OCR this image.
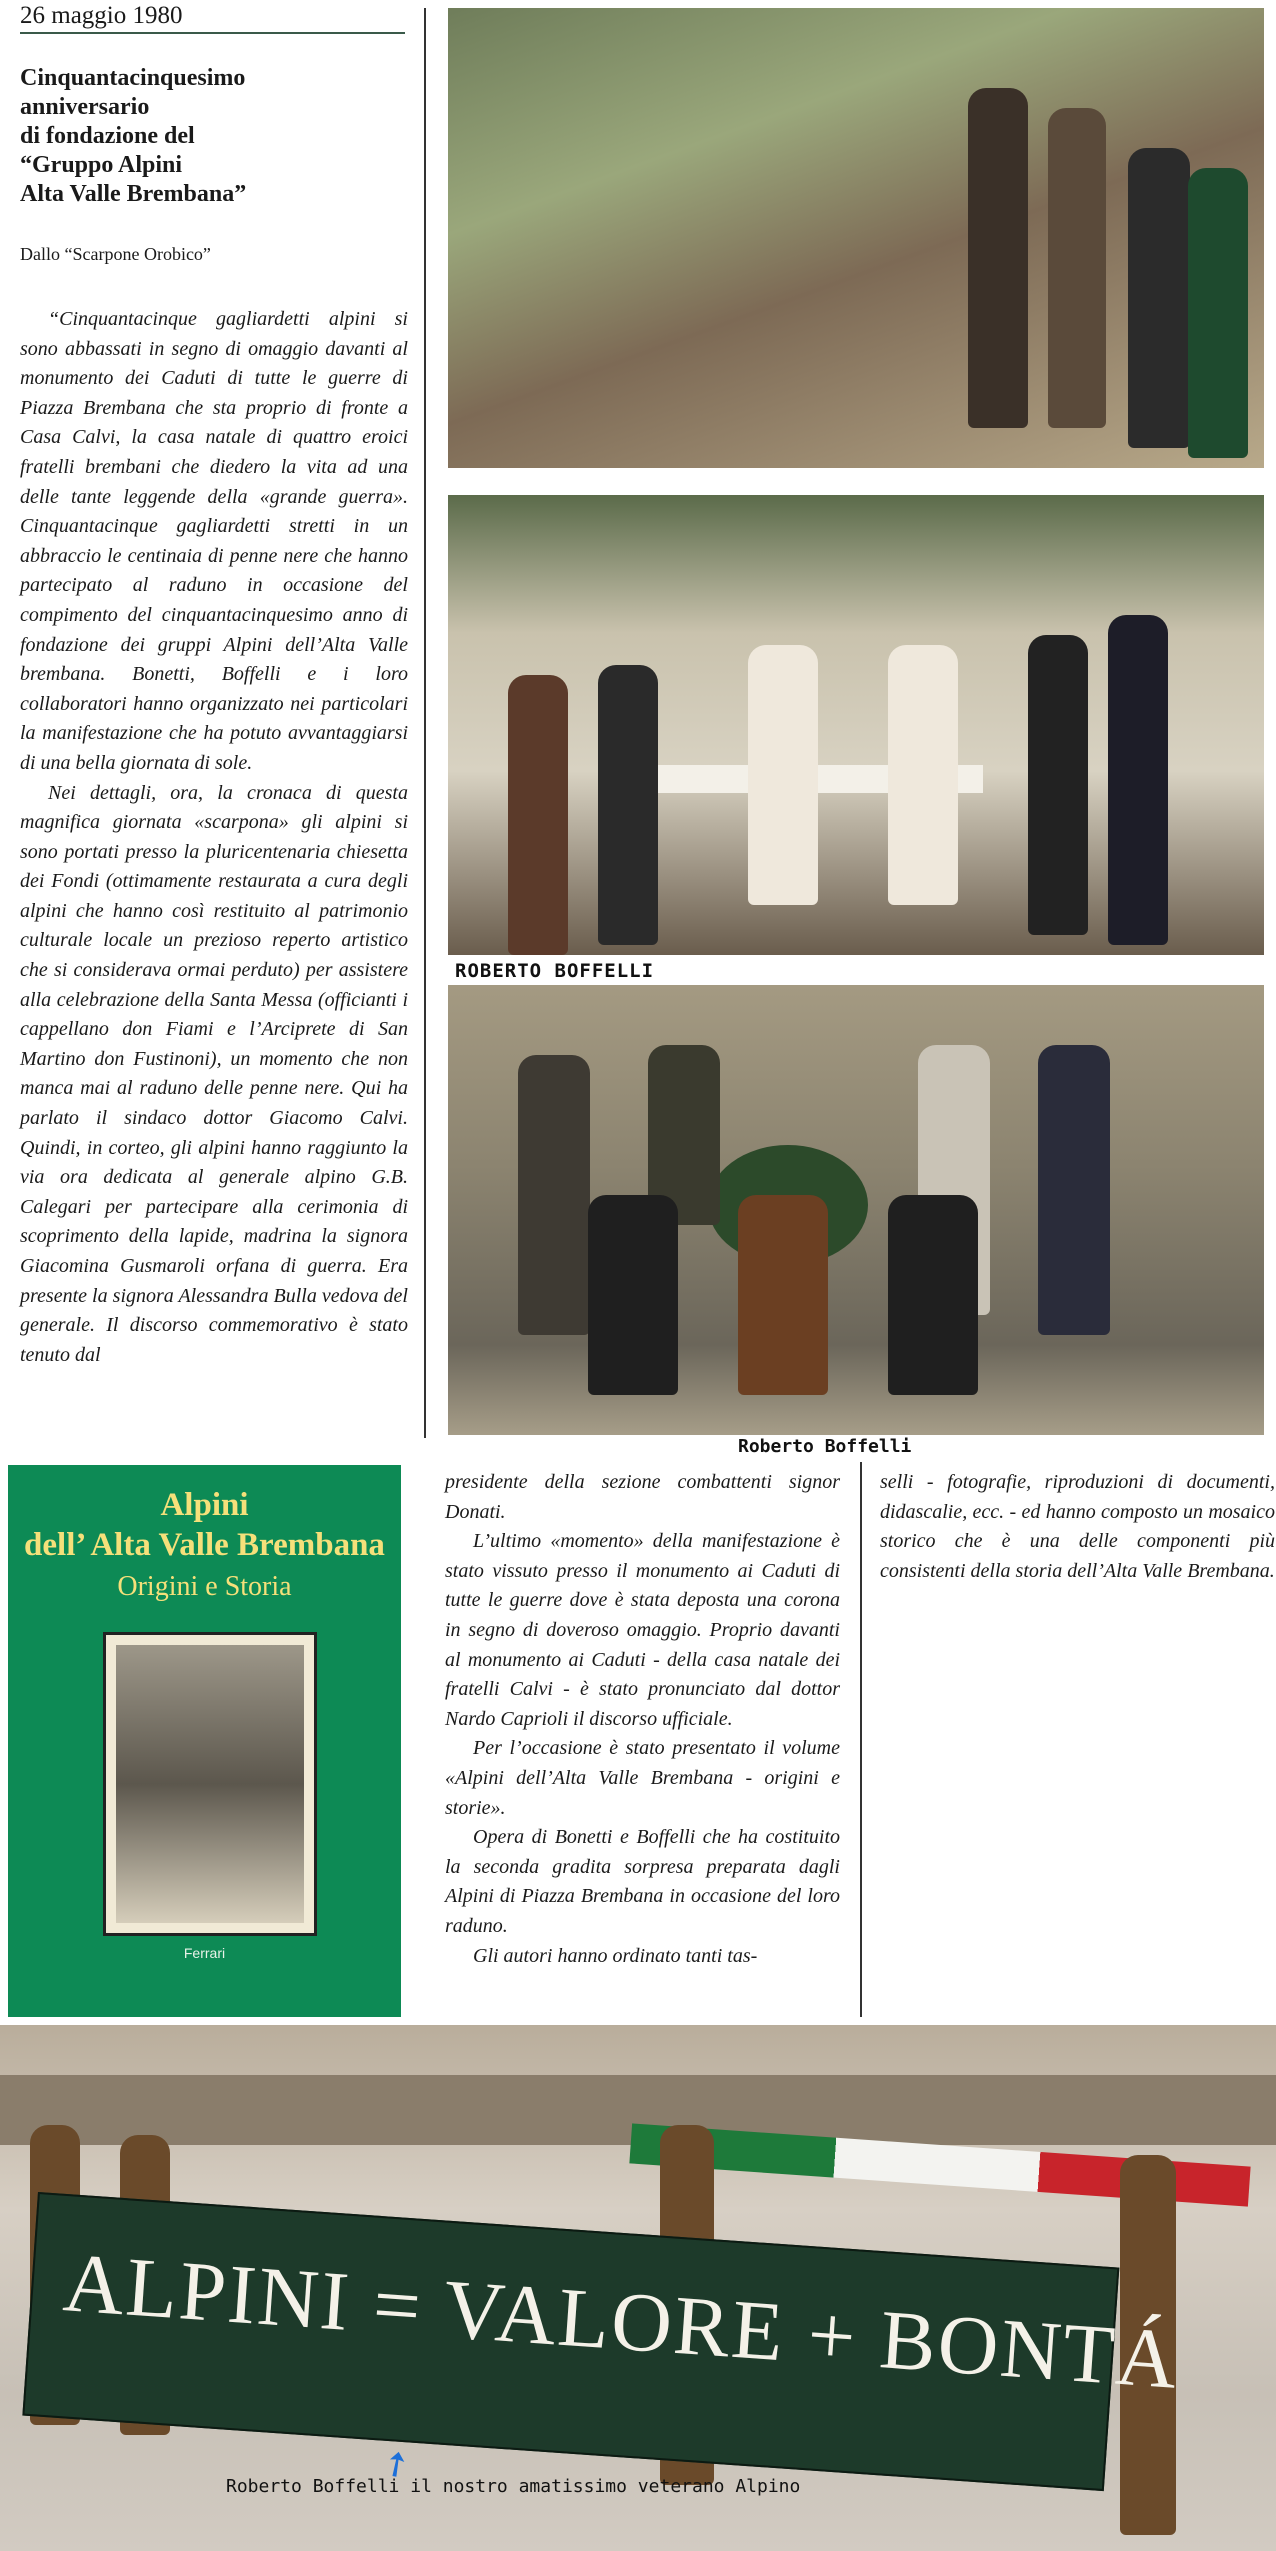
26 maggio 1980
Cinquantacinquesimo
anniversario
di fondazione del
“Gruppo Alpini
Alta Valle Brembana”
Dallo “Scarpone Orobico”

“Cinquantacinque gagliardetti alpini si sono abbassati in segno di omaggio davanti al monumento dei Caduti di tutte le guerre di Piazza Brembana che sta proprio di fronte a Casa Calvi, la casa natale di quattro eroici fratelli brembani che diedero la vita ad una delle tante leggende della «grande guerra». Cinquantacinque gagliardetti stretti in un abbraccio le centinaia di penne nere che hanno partecipato al raduno in occasione del compimento del cinquantacinquesimo anno di fondazione dei gruppi Alpini dell’Alta Valle brembana. Bonetti, Boffelli e i loro collaboratori hanno organizzato nei particolari la manifestazione che ha potuto avvantaggiarsi di una bella giornata di sole.

Nei dettagli, ora, la cronaca di questa magnifica giornata «scarpona» gli alpini si sono portati presso la pluricentenaria chiesetta dei Fondi (ottimamente restaurata a cura degli alpini che hanno così restituito al patrimonio culturale locale un prezioso reperto artistico che si considerava ormai perduto) per assistere alla celebrazione della Santa Messa (officianti i cappellano don Fiami e l’Arciprete di San Martino don Fustinoni), un momento che non manca mai al raduno delle penne nere. Qui ha parlato il sindaco dottor Giacomo Calvi. Quindi, in corteo, gli alpini hanno raggiunto la via ora dedicata al generale alpino G.B. Calegari per partecipare alla cerimonia di scoprimento della lapide, madrina la signora Giacomina Gusmaroli orfana di guerra. Era presente la signora Alessandra Bulla vedova del generale. Il discorso commemorativo è stato tenuto dal

ROBERTO BOFFELLI
Roberto Boffelli
Alpini
dell’ Alta Valle Brembana
Origini e Storia
Ferrari

presidente della sezione combattenti signor Donati.

L’ultimo «momento» della manifestazione è stato vissuto presso il monumento ai Caduti di tutte le guerre dove è stata deposta una corona in segno di doveroso omaggio. Proprio davanti al monumento ai Caduti - della casa natale dei fratelli Calvi - è stato pronunciato dal dottor Nardo Caprioli il discorso ufficiale.

Per l’occasione è stato presentato il volume «Alpini dell’Alta Valle Brembana - origini e storie».

Opera di Bonetti e Boffelli che ha costituito la seconda gradita sorpresa preparata dagli Alpini di Piazza Brembana in occasione del loro raduno.

Gli autori hanno ordinato tanti tas-

selli - fotografie, riproduzioni di documenti, didascalie, ecc. - ed hanno composto un mosaico storico che è una delle componenti più consistenti della storia dell’Alta Valle Brembana.

➚
ALPINI = VALORE + BONTÁ
Roberto Boffelli il nostro amatissimo veterano Alpino
